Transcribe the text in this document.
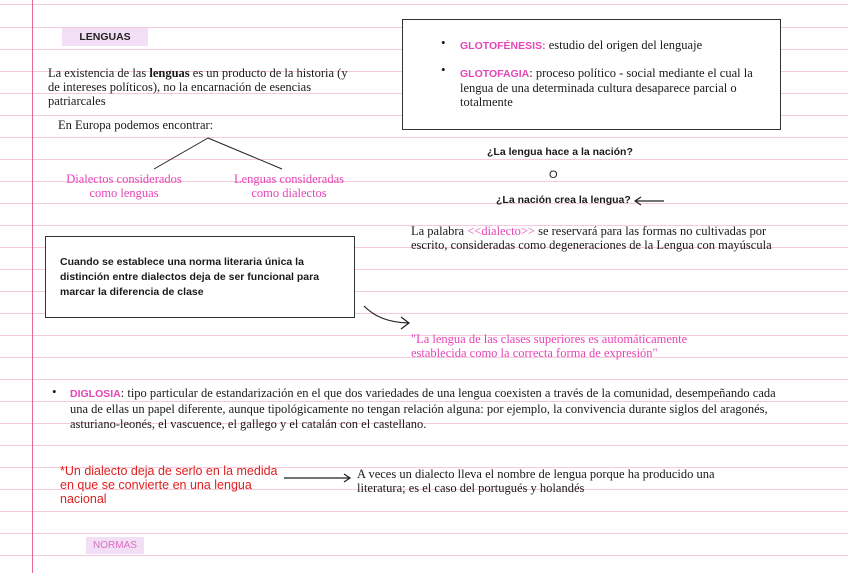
LENGUAS
La existencia de las lenguas es un producto de la historia (y de intereses políticos), no la encarnación de esencias patriarcales
En Europa podemos encontrar:
Dialectos considerados como lenguas
Lenguas consideradas como dialectos
• GLOTOFÉNESIS: estudio del origen del lenguaje
• GLOTOFAGIA: proceso político - social mediante el cual la lengua de una determinada cultura desaparece parcial o totalmente
¿La lengua hace a la nación?
O
¿La nación crea la lengua?
La palabra <<dialecto>> se reservará para las formas no cultivadas por escrito, consideradas como degeneraciones de la Lengua con mayúscula
Cuando se establece una norma literaria única la distinción entre dialectos deja de ser funcional para marcar la diferencia de clase
"La lengua de las clases superiores es automáticamente establecida como la correcta forma de expresión"
• DIGLOSIA: tipo particular de estandarización en el que dos variedades de una lengua coexisten a través de la comunidad, desempeñando cada una de ellas un papel diferente, aunque tipológicamente no tengan relación alguna: por ejemplo, la convivencia durante siglos del aragonés, asturiano-leonés, el vascuence, el gallego y el catalán con el castellano.
*Un dialecto deja de serlo en la medida en que se convierte en una lengua nacional
A veces un dialecto lleva el nombre de lengua porque ha producido una literatura; es el caso del portugués y holandés
NORMAS
